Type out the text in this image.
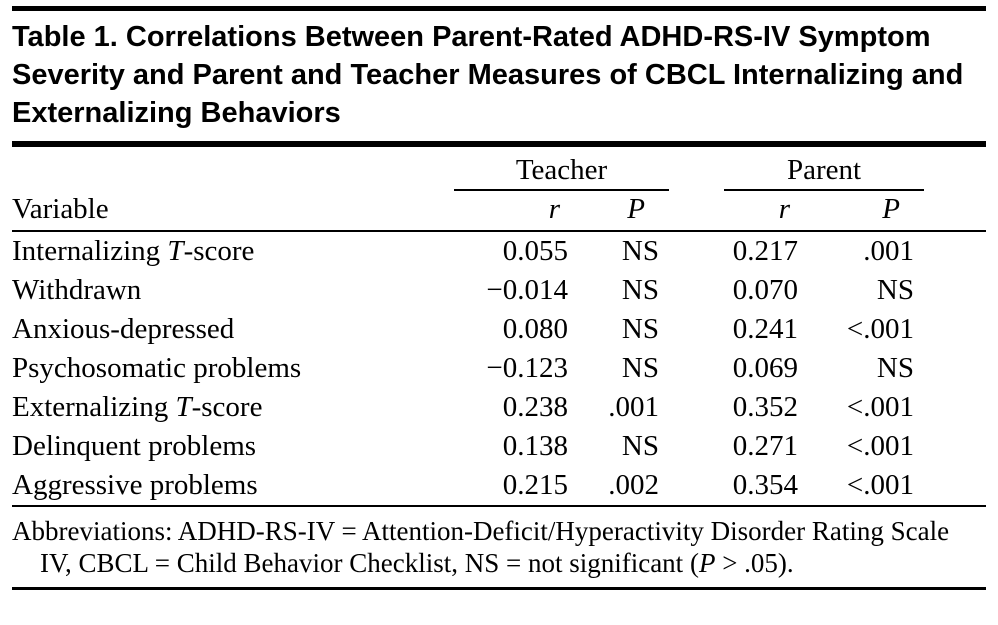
Table 1. Correlations Between Parent-Rated ADHD-RS-IV Symptom Severity and Parent and Teacher Measures of CBCL Internalizing and Externalizing Behaviors
	Teacher			Parent		
Variable	r	P		r	P	
Internalizing T-score	0.055	NS		0.217	.001	
Withdrawn	−0.014	NS		0.070	NS	
Anxious-depressed	0.080	NS		0.241	<.001	
Psychosomatic problems	−0.123	NS		0.069	NS	
Externalizing T-score	0.238	.001		0.352	<.001	
Delinquent problems	0.138	NS		0.271	<.001	
Aggressive problems	0.215	.002		0.354	<.001	
Abbreviations: ADHD-RS-IV = Attention-Deficit/Hyperactivity Disorder Rating Scale IV, CBCL = Child Behavior Checklist, NS = not significant (P > .05).
